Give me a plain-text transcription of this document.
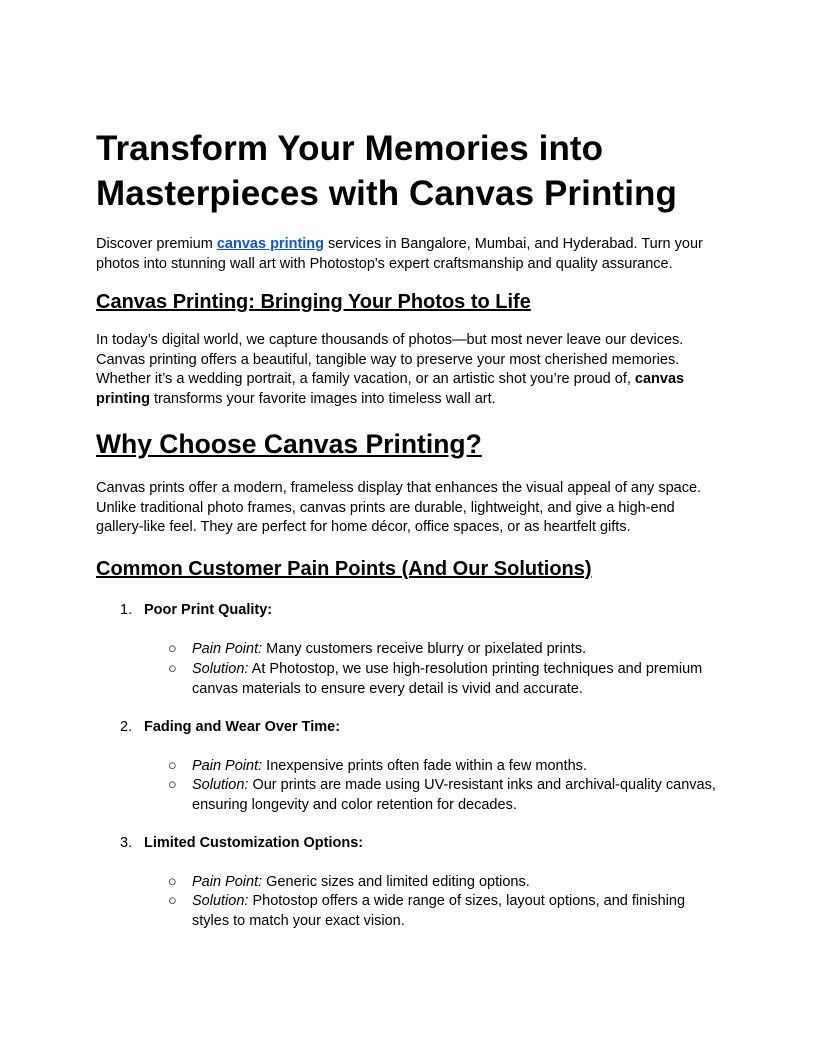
Transform Your Memories into Masterpieces with Canvas Printing

Discover premium canvas printing services in Bangalore, Mumbai, and Hyderabad. Turn your photos into stunning wall art with Photostop's expert craftsmanship and quality assurance.

Canvas Printing: Bringing Your Photos to Life

In today’s digital world, we capture thousands of photos—but most never leave our devices. Canvas printing offers a beautiful, tangible way to preserve your most cherished memories. Whether it’s a wedding portrait, a family vacation, or an artistic shot you’re proud of, canvas printing transforms your favorite images into timeless wall art.

Why Choose Canvas Printing?

Canvas prints offer a modern, frameless display that enhances the visual appeal of any space. Unlike traditional photo frames, canvas prints are durable, lightweight, and give a high-end gallery-like feel. They are perfect for home décor, office spaces, or as heartfelt gifts.

Common Customer Pain Points (And Our Solutions)
1. Poor Print Quality:
○ Pain Point: Many customers receive blurry or pixelated prints.
○ Solution: At Photostop, we use high-resolution printing techniques and premium canvas materials to ensure every detail is vivid and accurate.
2. Fading and Wear Over Time:
○ Pain Point: Inexpensive prints often fade within a few months.
○ Solution: Our prints are made using UV-resistant inks and archival-quality canvas, ensuring longevity and color retention for decades.
3. Limited Customization Options:
○ Pain Point: Generic sizes and limited editing options.
○ Solution: Photostop offers a wide range of sizes, layout options, and finishing styles to match your exact vision.
